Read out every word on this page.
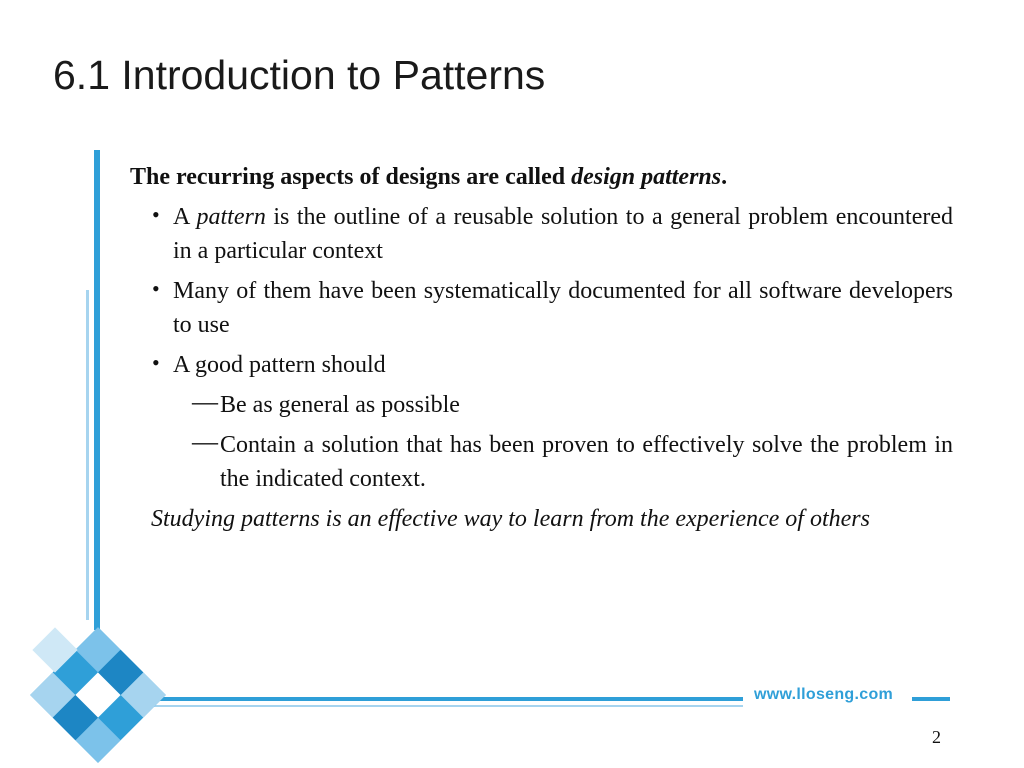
6.1 Introduction to Patterns

The recurring aspects of designs are called design patterns.

• A pattern is the outline of a reusable solution to a general problem encountered in a particular context
• Many of them have been systematically documented for all software developers to use
• A good pattern should
— Be as general as possible
— Contain a solution that has been proven to effectively solve the problem in the indicated context.
Studying patterns is an effective way to learn from the experience of others
www.lloseng.com
2
